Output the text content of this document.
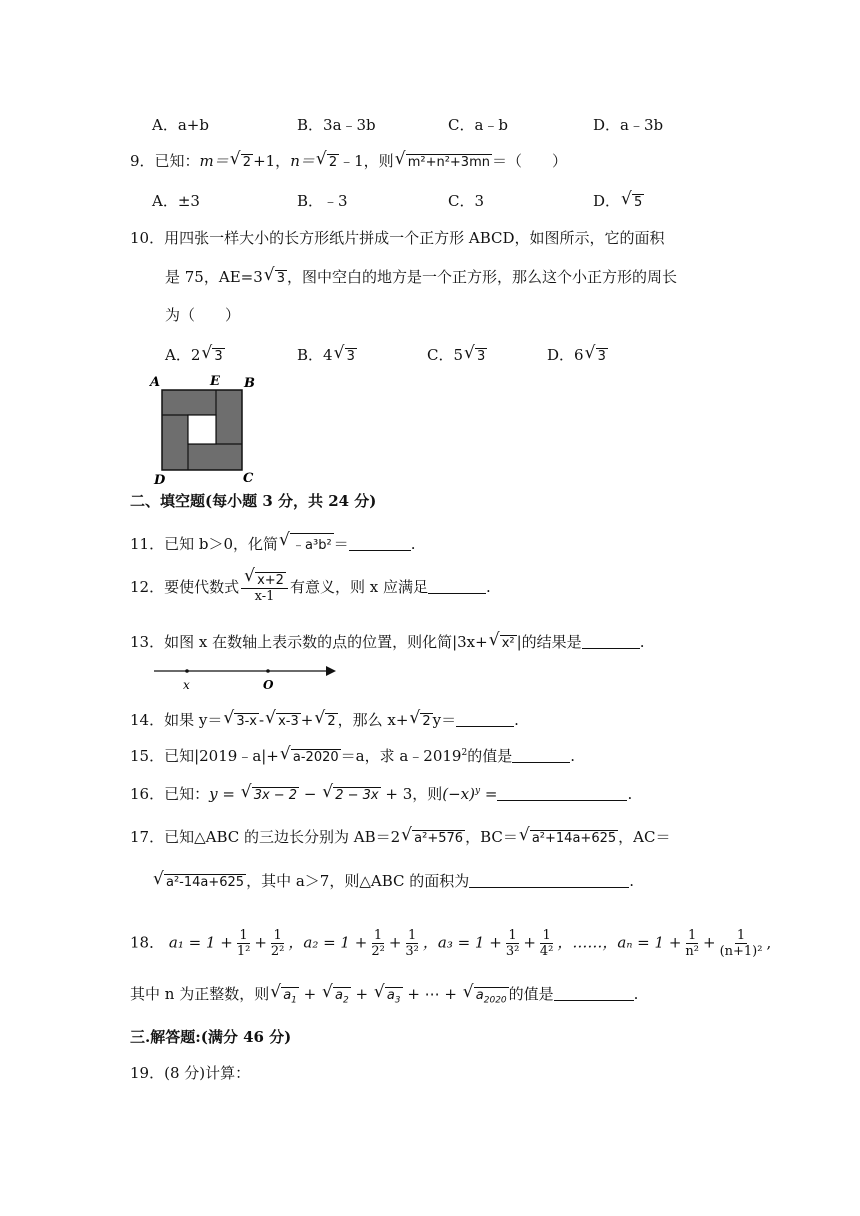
A．a+b	B．3a﹣3b	C．a﹣b	D．a﹣3b
9．已知：m＝ √ 2 +1，n＝ √ 2 ﹣1，则 √ m²+n²+3mn ＝（　　）
A．±3	B．﹣3	C．3	D． √ 5
10．用四张一样大小的长方形纸片拼成一个正方形 ABCD，如图所示，它的面积
是 75，AE=3 √ 3 ，图中空白的地方是一个正方形，那么这个小正方形的周长
为（　　）
A．2 √ 3	B．4 √ 3	C．5 √ 3	D．6 √ 3
A	E B
D	C
二、填空题(每小题 3 分，共 24 分)
11．已知 b＞0，化简 √ ﹣a³b² ＝	.
12．要使代数式 $\frac{√ x+2}{x-1}$ 有意义，则 x 应满足	.
13．如图 x 在数轴上表示数的点的位置，则化简|3x+ √ x² |的结果是	.
x	O
14．如果 y＝ √ 3-x - √ x-3 + √ 2 ，那么 x+ √ 2 y＝	.
15．已知|2019﹣a|+ √ a-2020 ＝a，求 a﹣2019$^2$的值是	.
16．已知：y = √ 3x − 2 − √ 2 − 3x + 3，则$(-x)^y$ =	.
17．已知△ABC 的三边长分别为 AB＝2 √ a²+576 ，BC＝ √ a²+14a+625 ，AC＝
√ a²-14a+625 ，其中 a＞7，则△ABC 的面积为	.
18． $a_1 = 1 + \frac{1}{\text{1²}} + \frac{1}{\text{2²}}$ ，$a_2 = 1 + \frac{1}{\text{2²}} + \frac{1}{\text{3²}}$ ，$a_3 = 1 + \frac{1}{\text{3²}} + \frac{1}{\text{4²}}$ ，……，$a_n = 1 + \frac{1}{\text{n²}} + \frac{1}{\text{(n+1)²}}$ ,
其中 n 为正整数，则 √ $a_1$ + √ $a_2$ + √ $a_3$ + ⋯ + √ $a_{2020}$ 的值是	.
三.解答题:(满分 46 分)
19．(8 分)计算：
